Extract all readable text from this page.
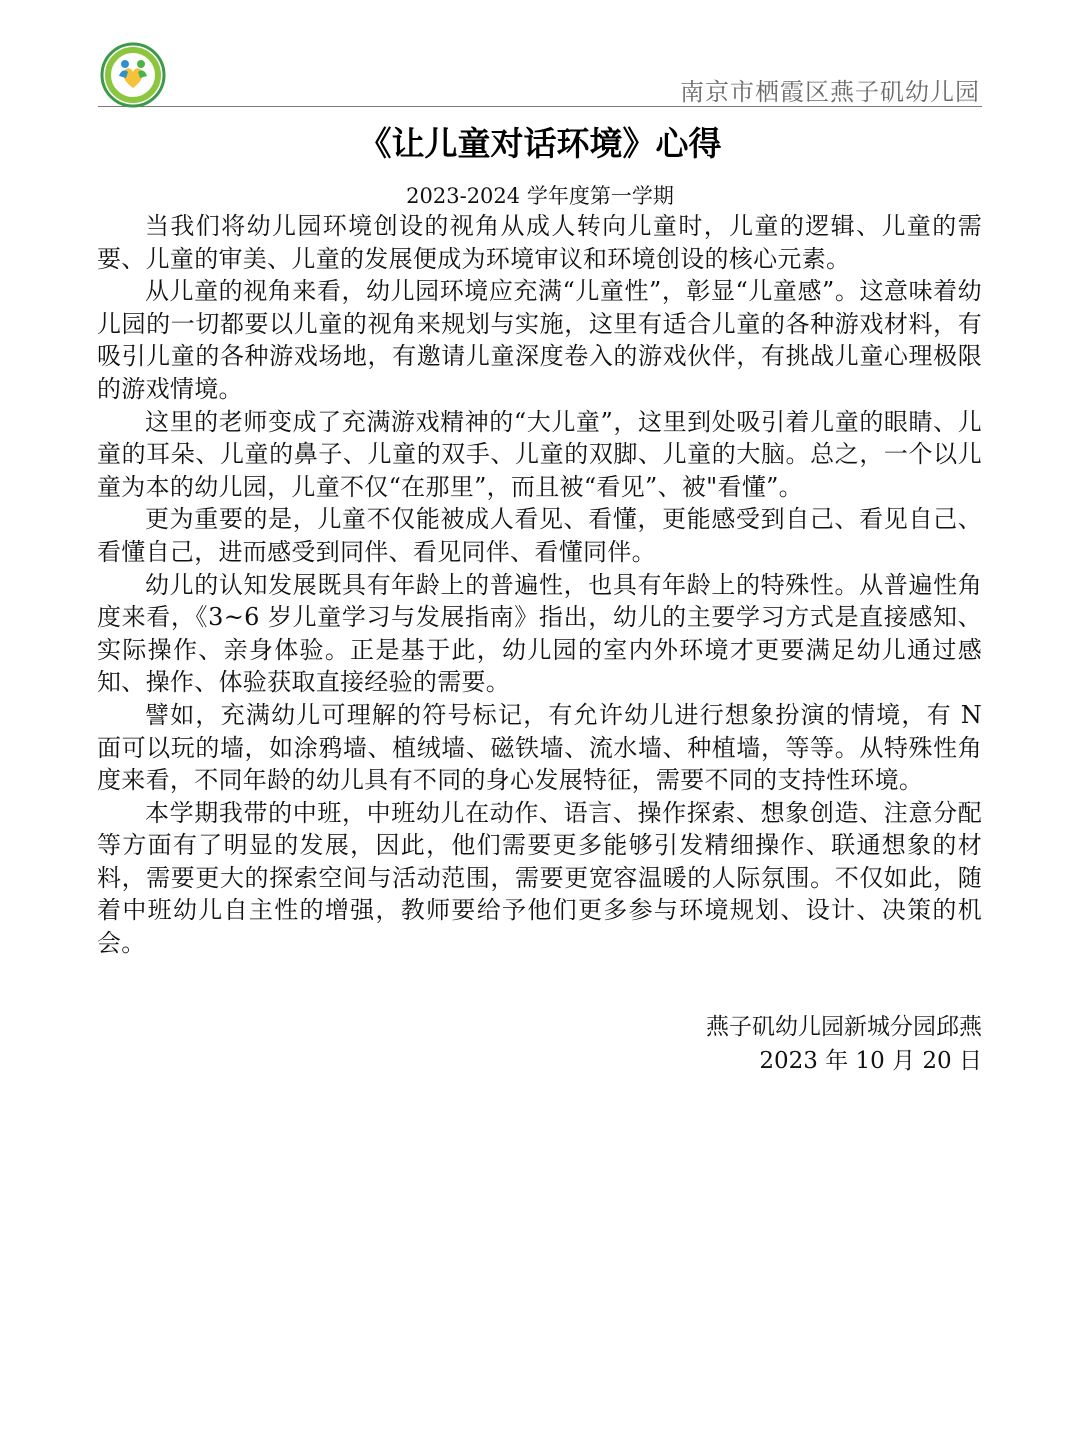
南京市栖霞区燕子矶幼儿园
《让儿童对话环境》心得
2023-2024 学年度第一学期

当我们将幼儿园环境创设的视角从成人转向儿童时，儿童的逻辑、儿童的需要、儿童的审美、儿童的发展便成为环境审议和环境创设的核心元素。

从儿童的视角来看，幼儿园环境应充满“儿童性”，彰显“儿童感”。这意味着幼儿园的一切都要以儿童的视角来规划与实施，这里有适合儿童的各种游戏材料，有吸引儿童的各种游戏场地，有邀请儿童深度卷入的游戏伙伴，有挑战儿童心理极限的游戏情境。

这里的老师变成了充满游戏精神的“大儿童”，这里到处吸引着儿童的眼睛、儿童的耳朵、儿童的鼻子、儿童的双手、儿童的双脚、儿童的大脑。总之，一个以儿童为本的幼儿园，儿童不仅“在那里”，而且被“看见”、被"看懂”。

更为重要的是，儿童不仅能被成人看见、看懂，更能感受到自己、看见自己、看懂自己，进而感受到同伴、看见同伴、看懂同伴。

幼儿的认知发展既具有年龄上的普遍性，也具有年龄上的特殊性。从普遍性角度来看，《3~6 岁儿童学习与发展指南》指出，幼儿的主要学习方式是直接感知、实际操作、亲身体验。正是基于此，幼儿园的室内外环境才更要满足幼儿通过感知、操作、体验获取直接经验的需要。

譬如，充满幼儿可理解的符号标记，有允许幼儿进行想象扮演的情境，有 N 面可以玩的墙，如涂鸦墙、植绒墙、磁铁墙、流水墙、种植墙，等等。从特殊性角度来看，不同年龄的幼儿具有不同的身心发展特征，需要不同的支持性环境。

本学期我带的中班，中班幼儿在动作、语言、操作探索、想象创造、注意分配等方面有了明显的发展，因此，他们需要更多能够引发精细操作、联通想象的材料，需要更大的探索空间与活动范围，需要更宽容温暖的人际氛围。不仅如此，随着中班幼儿自主性的增强，教师要给予他们更多参与环境规划、设计、决策的机会。

燕子矶幼儿园新城分园邱燕
2023 年 10 月 20 日
